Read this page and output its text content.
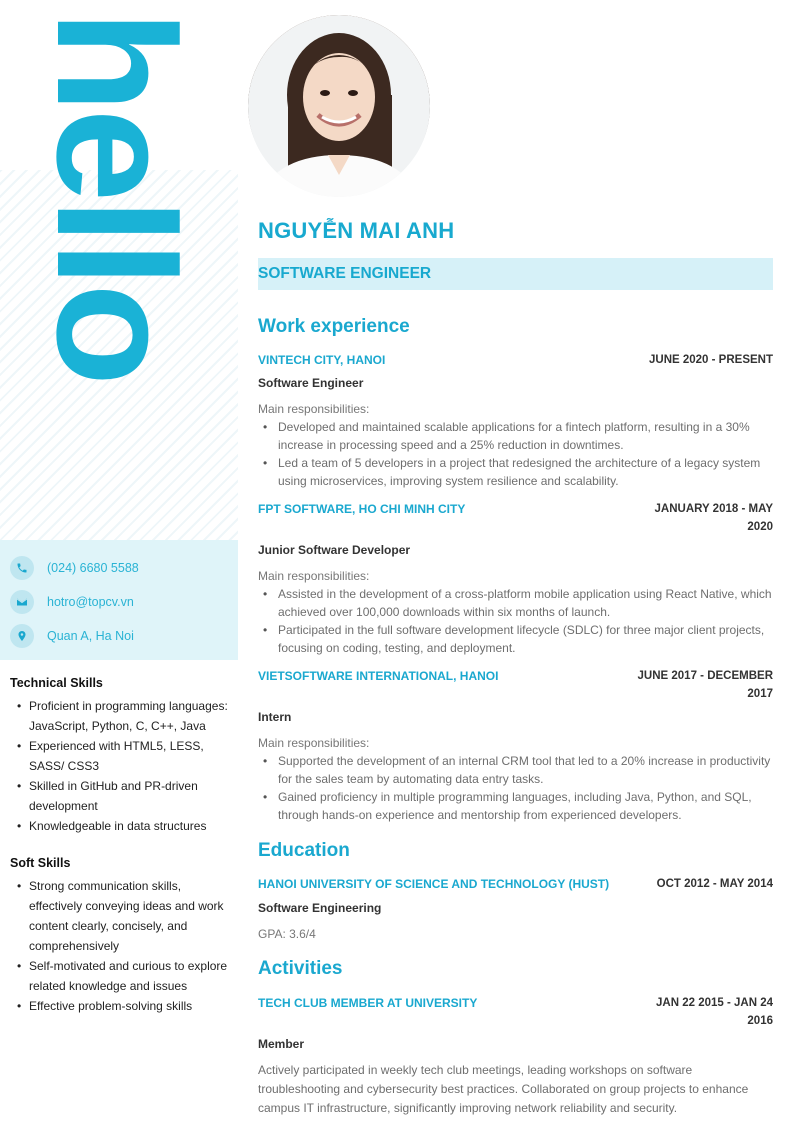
hello
(024) 6680 5588
hotro@topcv.vn
Quan A, Ha Noi
Technical Skills
• Proficient in programming languages: JavaScript, Python, C, C++, Java
• Experienced with HTML5, LESS, SASS/ CSS3
• Skilled in GitHub and PR-driven development
• Knowledgeable in data structures
Soft Skills
• Strong communication skills, effectively conveying ideas and work content clearly, concisely, and comprehensively
• Self-motivated and curious to explore related knowledge and issues
• Effective problem-solving skills
NGUYỄN MAI ANH
SOFTWARE ENGINEER
Work experience
VINTECH CITY, HANOI	JUNE 2020 - PRESENT
Software Engineer
Main responsibilities:
• Developed and maintained scalable applications for a fintech platform, resulting in a 30% increase in processing speed and a 25% reduction in downtimes.
• Led a team of 5 developers in a project that redesigned the architecture of a legacy system using microservices, improving system resilience and scalability.
FPT SOFTWARE, HO CHI MINH CITY	JANUARY 2018 - MAY
2020
Junior Software Developer
Main responsibilities:
• Assisted in the development of a cross-platform mobile application using React Native, which achieved over 100,000 downloads within six months of launch.
• Participated in the full software development lifecycle (SDLC) for three major client projects, focusing on coding, testing, and deployment.
VIETSOFTWARE INTERNATIONAL, HANOI	JUNE 2017 - DECEMBER
2017
Intern
Main responsibilities:
• Supported the development of an internal CRM tool that led to a 20% increase in productivity for the sales team by automating data entry tasks.
• Gained proficiency in multiple programming languages, including Java, Python, and SQL, through hands-on experience and mentorship from experienced developers.
Education
HANOI UNIVERSITY OF SCIENCE AND TECHNOLOGY (HUST)	OCT 2012 - MAY 2014
Software Engineering
GPA: 3.6/4
Activities
TECH CLUB MEMBER AT UNIVERSITY	JAN 22 2015 - JAN 24
2016
Member
Actively participated in weekly tech club meetings, leading workshops on software troubleshooting and cybersecurity best practices. Collaborated on group projects to enhance campus IT infrastructure, significantly improving network reliability and security.
